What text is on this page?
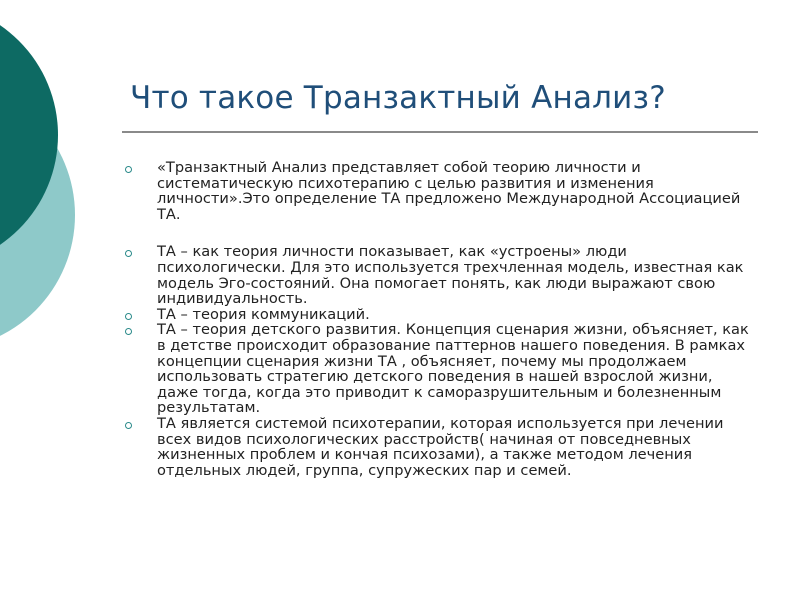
Что такое Транзактный Анализ?
«Транзактный Анализ представляет собой теорию личности и систематическую психотерапию с целью развития и изменения личности».Это определение ТА предложено Международной Ассоциацией ТА.
ТА – как теория личности показывает, как «устроены» люди психологически. Для это используется трехчленная модель, известная как модель Эго-состояний. Она помогает понять, как люди выражают свою индивидуальность.
ТА – теория коммуникаций.
ТА – теория детского развития. Концепция сценария жизни, объясняет, как в детстве происходит образование паттернов нашего поведения. В рамках концепции сценария жизни ТА , объясняет, почему мы продолжаем использовать стратегию детского поведения в нашей взрослой жизни, даже тогда, когда это приводит к саморазрушительным и болезненным результатам.
ТА является системой психотерапии, которая используется при лечении всех видов психологических расстройств( начиная от повседневных жизненных проблем и кончая психозами), а также методом лечения отдельных людей, группа, супружеских пар и семей.
